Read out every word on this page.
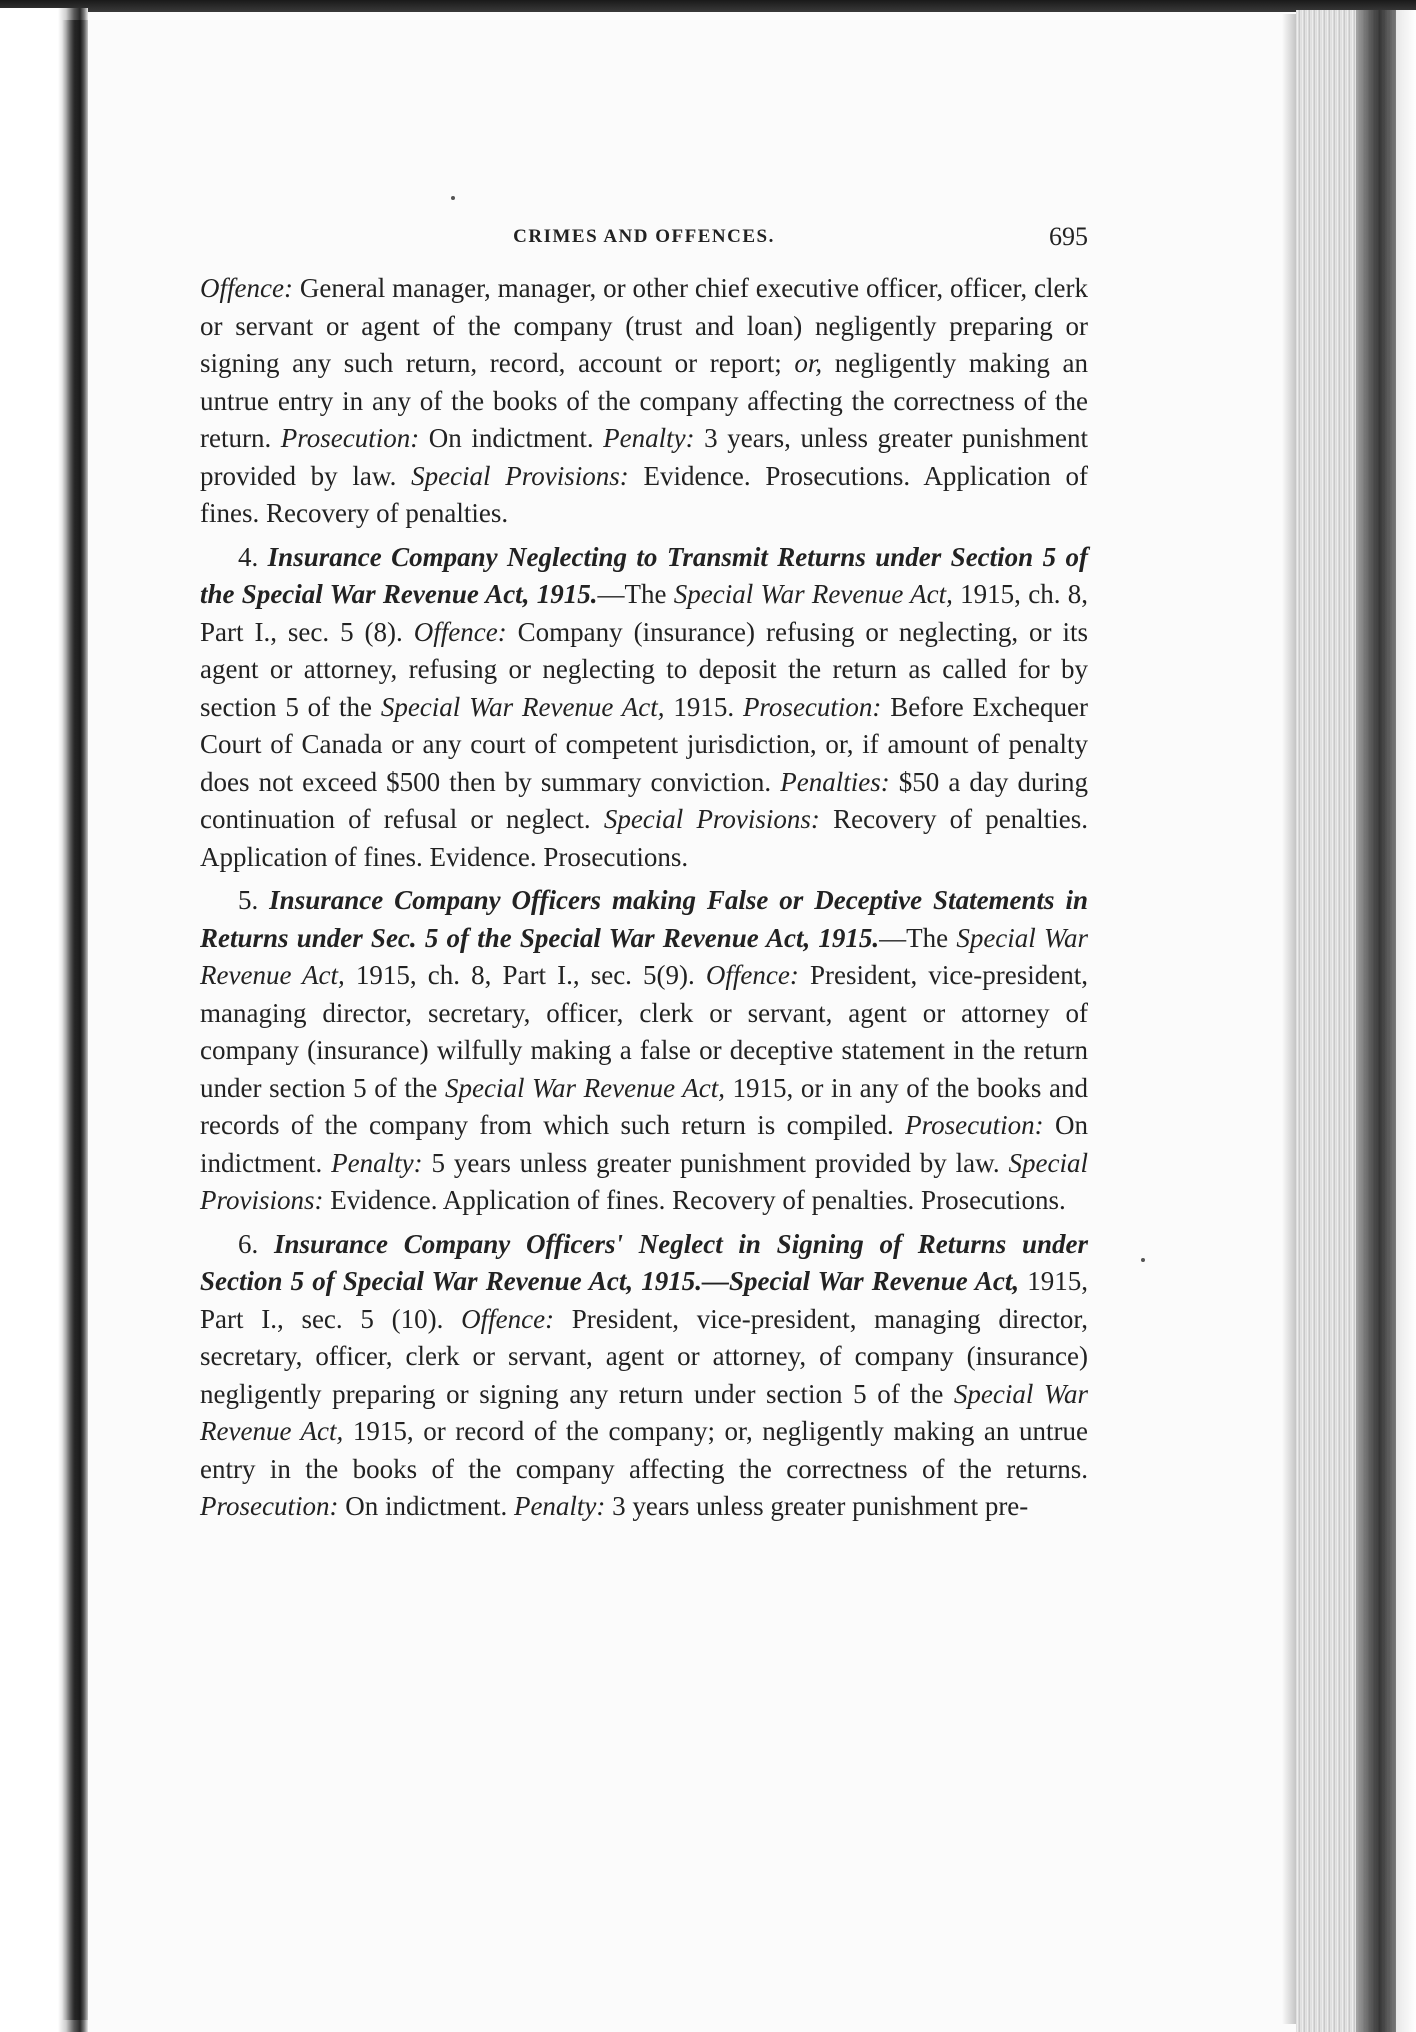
CRIMES AND OFFENCES.	695

Offence: General manager, manager, or other chief executive officer, officer, clerk or servant or agent of the company (trust and loan) negligently preparing or signing any such return, record, account or report; or, negligently making an untrue entry in any of the books of the company affecting the correctness of the return. Prosecution: On indictment. Penalty: 3 years, unless greater punishment provided by law. Special Provisions: Evidence. Prosecutions. Application of fines. Recovery of penalties.

4. Insurance Company Neglecting to Transmit Returns under Section 5 of the Special War Revenue Act, 1915.—The Special War Revenue Act, 1915, ch. 8, Part I., sec. 5 (8). Offence: Company (insurance) refusing or neglecting, or its agent or attorney, refusing or neglecting to deposit the return as called for by section 5 of the Special War Revenue Act, 1915. Prosecution: Before Exchequer Court of Canada or any court of competent jurisdiction, or, if amount of penalty does not exceed $500 then by summary conviction. Penalties: $50 a day during continuation of refusal or neglect. Special Provisions: Recovery of penalties. Application of fines. Evidence. Prosecutions.

5. Insurance Company Officers making False or Deceptive Statements in Returns under Sec. 5 of the Special War Revenue Act, 1915.—The Special War Revenue Act, 1915, ch. 8, Part I., sec. 5(9). Offence: President, vice-president, managing director, secretary, officer, clerk or servant, agent or attorney of company (insurance) wilfully making a false or deceptive statement in the return under section 5 of the Special War Revenue Act, 1915, or in any of the books and records of the company from which such return is compiled. Prosecution: On indictment. Penalty: 5 years unless greater punishment provided by law. Special Provisions: Evidence. Application of fines. Recovery of penalties. Prosecutions.

6. Insurance Company Officers' Neglect in Signing of Returns under Section 5 of Special War Revenue Act, 1915.—Special War Revenue Act, 1915, Part I., sec. 5 (10). Offence: President, vice-president, managing director, secretary, officer, clerk or servant, agent or attorney, of company (insurance) negligently preparing or signing any return under section 5 of the Special War Revenue Act, 1915, or record of the company; or, negligently making an untrue entry in the books of the company affecting the correctness of the returns. Prosecution: On indictment. Penalty: 3 years unless greater punishment pre-
